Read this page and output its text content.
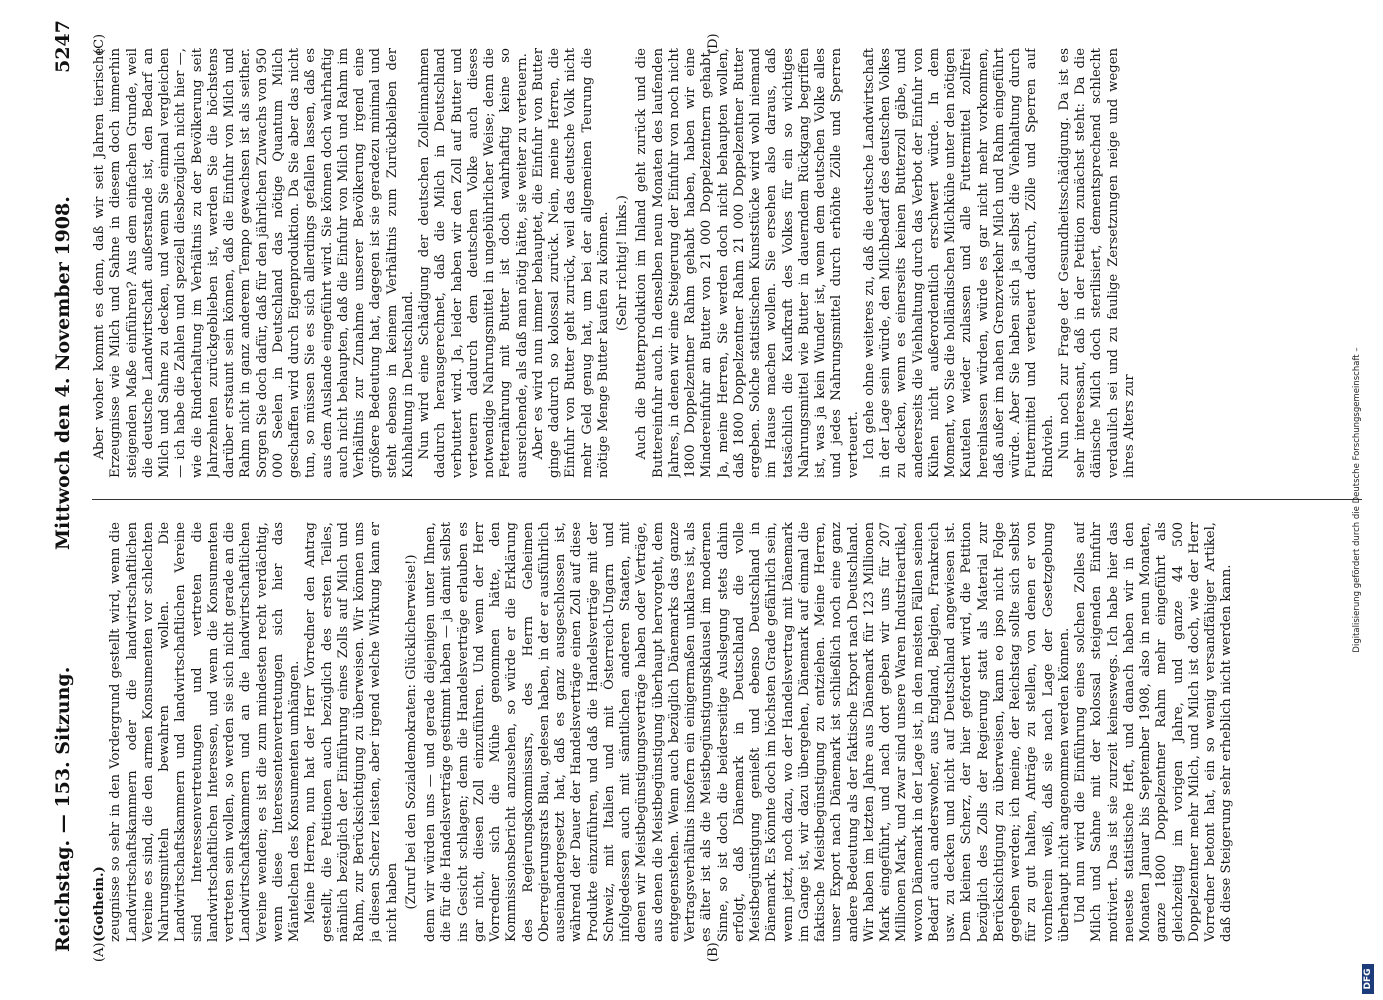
Reichstag. — 153. Sitzung.
Mittwoch den 4. November 1908.
5247
(A)	(B)
(C)	(D)

(Gothein.) zeugnisse so sehr in den Vordergrund gestellt wird, wenn die Landwirtschaftskammern oder die landwirtschaftlichen Vereine es sind, die den armen Konsumenten vor schlechten Nahrungsmitteln bewahren wollen. Die Landwirtschaftskammern und landwirtschaftlichen Vereine sind Interessenvertretungen und vertreten die landwirtschaftlichen Interessen, und wenn die Konsumenten vertreten sein wollen, so werden sie sich nicht gerade an die Landwirtschaftskammern und an die landwirtschaftlichen Vereine wenden; es ist die zum mindesten recht verdächtig, wenn diese Interessentenvertretungen sich hier das Mäntelchen des Konsumenten umhängen. Meine Herren, nun hat der Herr Vorredner den Antrag gestellt, die Petitionen auch bezüglich des ersten Teiles, nämlich bezüglich der Einführung eines Zolls auf Milch und Rahm, zur Berücksichtigung zu überweisen. Wir können uns ja diesen Scherz leisten, aber irgend welche Wirkung kann er nicht haben (Zuruf bei den Sozialdemokraten: Glücklicherweise!) denn wir würden uns — und gerade diejenigen unter Ihnen, die für die Handelsverträge gestimmt haben — ja damit selbst ins Gesicht schlagen; denn die Handelsverträge erlauben es gar nicht, diesen Zoll einzuführen. Und wenn der Herr Vorredner sich die Mühe genommen hätte, den Kommissionsbericht anzusehen, so würde er die Erklärung des Regierungskommissars, des Herrn Geheimen Oberregierungsrats Blau, gelesen haben, in der er ausführlich auseinandergesetzt hat, daß es ganz ausgeschlossen ist, während der Dauer der Handelsverträge einen Zoll auf diese Produkte einzuführen, und daß die Handelsverträge mit der Schweiz, mit Italien und mit Österreich-Ungarn und infolgedessen auch mit sämtlichen anderen Staaten, mit denen wir Meistbegünstigungsverträge haben oder Verträge, aus denen die Meistbegünstigung überhaupt hervorgeht, dem entgegenstehen. Wenn auch bezüglich Dänemarks das ganze Vertragsverhältnis insofern ein einigermaßen unklares ist, als es älter ist als die Meistbegünstigungsklausel im modernen Sinne, so ist doch die beiderseitige Auslegung stets dahin erfolgt, daß Dänemark in Deutschland die volle Meistbegünstigung genießt und ebenso Deutschland in Dänemark. Es könnte doch im höchsten Grade gefährlich sein, wenn jetzt, noch dazu, wo der Handelsvertrag mit Dänemark im Gange ist, wir dazu übergehen, Dänemark auf einmal die faktische Meistbegünstigung zu entziehen. Meine Herren, unser Export nach Dänemark ist schließlich noch eine ganz andere Bedeutung als der faktische Export nach Deutschland. Wir haben im letzten Jahre aus Dänemark für 123 Millionen Mark eingeführt, und nach dort geben wir uns für 207 Millionen Mark, und zwar sind unsere Waren Industrieartikel, wovon Dänemark in der Lage ist, in den meisten Fällen seinen Bedarf auch anderswoher, aus England, Belgien, Frankreich usw. zu decken und nicht auf Deutschland angewiesen ist. Dem kleinen Scherz, der hier gefordert wird, die Petition bezüglich des Zolls der Regierung statt als Material zur Berücksichtigung zu überweisen, kann eo ipso nicht Folge gegeben werden; ich meine, der Reichstag sollte sich selbst für zu gut halten, Anträge zu stellen, von denen er von vornherein weiß, daß sie nach Lage der Gesetzgebung überhaupt nicht angenommen werden können. Und nun wird die Einführung eines solchen Zolles auf Milch und Sahne mit der kolossal steigenden Einfuhr motiviert. Das ist sie zurzeit keineswegs. Ich habe hier das neueste statistische Heft, und danach haben wir in den Monaten Januar bis September 1908, also in neun Monaten, ganze 1800 Doppelzentner Rahm mehr eingeführt als gleichzeitig im vorigen Jahre, und ganze 44 500 Doppelzentner mehr Milch, und Milch ist doch, wie der Herr Vorredner betont hat, ein so wenig versandfähiger Artikel, daß diese Steigerung sehr erheblich nicht werden kann.

Aber woher kommt es denn, daß wir seit Jahren tierische Erzeugnisse wie Milch und Sahne in diesem doch immerhin steigenden Maße einführen? Aus dem einfachen Grunde, weil die deutsche Landwirtschaft außerstande ist, den Bedarf an Milch und Sahne zu decken, und wenn Sie einmal vergleichen — ich habe die Zahlen und speziell diesbezüglich nicht hier —, wie die Rinderhaltung im Verhältnis zu der Bevölkerung seit Jahrzehnten zurückgeblieben ist, werden Sie die höchstens darüber erstaunt sein können, daß die Einfuhr von Milch und Rahm nicht in ganz anderem Tempo gewachsen ist als seither. Sorgen Sie doch dafür, daß für den jährlichen Zuwachs von 950 000 Seelen in Deutschland das nötige Quantum Milch geschaffen wird durch Eigenproduktion. Da Sie aber das nicht tun, so müssen Sie es sich allerdings gefallen lassen, daß es aus dem Auslande eingeführt wird. Sie können doch wahrhaftig auch nicht behaupten, daß die Einfuhr von Milch und Rahm im Verhältnis zur Zunahme unserer Bevölkerung irgend eine größere Bedeutung hat, dagegen ist sie geradezu minimal und steht ebenso in keinem Verhältnis zum Zurückbleiben der Kuhhaltung in Deutschland. Nun wird eine Schädigung der deutschen Zolleinnahmen dadurch herausgerechnet, daß die Milch in Deutschland verbuttert wird. Ja, leider haben wir den Zoll auf Butter und verteuern dadurch dem deutschen Volke auch dieses notwendige Nahrungsmittel in ungebührlicher Weise; denn die Fetternährung mit Butter ist doch wahrhaftig keine so ausreichende, als daß man nötig hätte, sie weiter zu verteuern. Aber es wird nun immer behauptet, die Einfuhr von Butter ginge dadurch so kolossal zurück. Nein, meine Herren, die Einfuhr von Butter geht zurück, weil das deutsche Volk nicht mehr Geld genug hat, um bei der allgemeinen Teurung die nötige Menge Butter kaufen zu können. (Sehr richtig! links.) Auch die Butterproduktion im Inland geht zurück und die Buttereinfuhr auch. In denselben neun Monaten des laufenden Jahres, in denen wir eine Steigerung der Einfuhr von noch nicht 1800 Doppelzentner Rahm gehabt haben, haben wir eine Mindereinfuhr an Butter von 21 000 Doppelzentnern gehabt. Ja, meine Herren, Sie werden doch nicht behaupten wollen, daß 1800 Doppelzentner Rahm 21 000 Doppelzentner Butter ergeben. Solche statistischen Kunststücke wird wohl niemand im Hause machen wollen. Sie ersehen also daraus, daß tatsächlich die Kaufkraft des Volkes für ein so wichtiges Nahrungsmittel wie Butter in dauerndem Rückgang begriffen ist, was ja kein Wunder ist, wenn dem deutschen Volke alles und jedes Nahrungsmittel durch erhöhte Zölle und Sperren verteuert. Ich gehe ohne weiteres zu, daß die deutsche Landwirtschaft in der Lage sein würde, den Milchbedarf des deutschen Volkes zu decken, wenn es einerseits keinen Butterzoll gäbe, und andererseits die Viehhaltung durch das Verbot der Einfuhr von Kühen nicht außerordentlich erschwert würde. In dem Moment, wo Sie die holländischen Milchkühe unter den nötigen Kautelen wieder zulassen und alle Futtermittel zollfrei hereinlassen würden, würde es gar nicht mehr vorkommen, daß außer im nahen Grenzverkehr Milch und Rahm eingeführt würde. Aber Sie haben sich ja selbst die Viehhaltung durch Futtermittel und verteuert dadurch, Zölle und Sperren auf Rindvieh. Nun noch zur Frage der Gesundheitsschädigung. Da ist es sehr interessant, daß in der Petition zunächst steht: Da die dänische Milch doch sterilisiert, dementsprechend schlecht verdaulich sei und zu faulige Zersetzungen neige und wegen ihres Alters zur

DFG
Digitalisierung gefördert durch die Deutsche Forschungsgemeinschaft –
